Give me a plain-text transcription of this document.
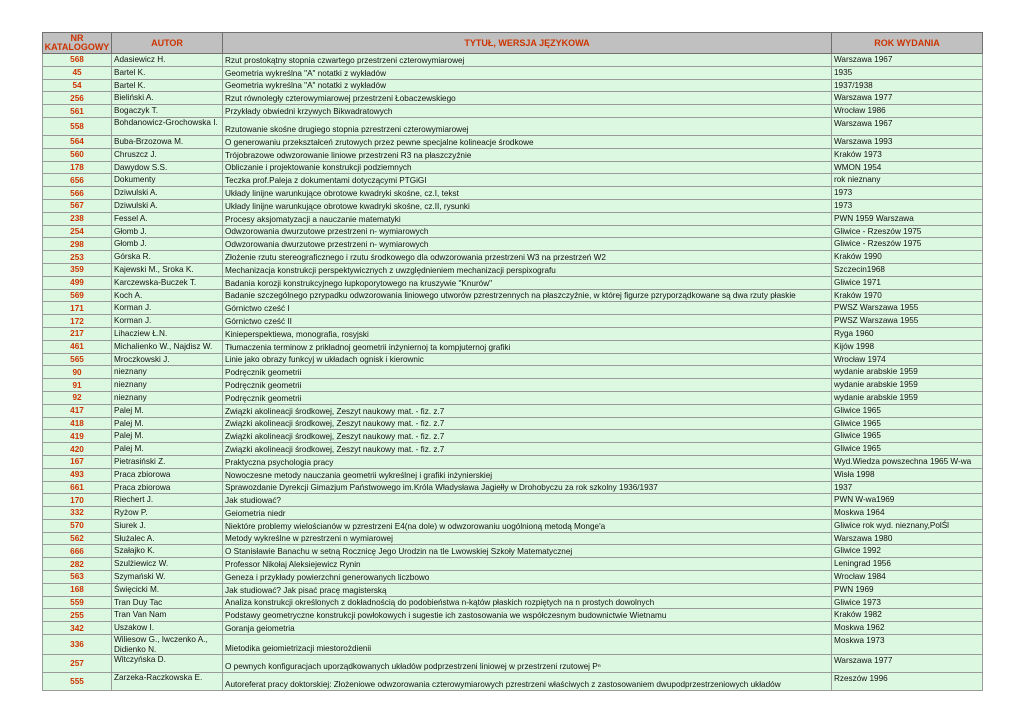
NR KATALOGOWY	AUTOR	TYTUŁ, WERSJA JĘZYKOWA	ROK WYDANIA
568	Adasiewicz H.	Rzut prostokątny stopnia czwartego przestrzeni czterowymiarowej	Warszawa 1967
45	Bartel K.	Geometria wykreślna "A" notatki z wykładów	1935
54	Bartel K.	Geometria wykreślna "A" notatki z wykładów	1937/1938
256	Bieliński A.	Rzut równoległy czterowymiarowej przestrzeni Łobaczewskiego	Warszawa 1977
561	Bogaczyk T.	Przykłady obwiedni krzywych Bikwadratowych	Wrocław 1986
558	Bohdanowicz-Grochowska I.	Rzutowanie skośne drugiego stopnia pzrestrzeni czterowymiarowej	Warszawa 1967
564	Buba-Brzozowa M.	O generowaniu przekształceń zrutowych przez pewne specjalne kolineacje środkowe	Warszawa 1993
560	Chruszcz J.	Trójobrazowe odwzorowanie liniowe przestrzeni R3 na płaszczyźnie	Kraków 1973
178	Dawydow S.S.	Obliczanie i projektowanie konstrukcji podziemnych	WMON 1954
656	Dokumenty	Teczka prof.Paleja z dokumentami dotyczącymi PTGiGI	rok nieznany
566	Dziwulski A.	Układy linijne warunkujące obrotowe kwadryki skośne, cz.I, tekst	1973
567	Dziwulski A.	Układy linijne warunkujące obrotowe kwadryki skośne, cz.II, rysunki	1973
238	Fessel A.	Procesy aksjomatyzacji a nauczanie matematyki	PWN 1959 Warszawa
254	Głomb J.	Odwzorowania dwurzutowe przestrzeni n- wymiarowych	Gliwice - Rzeszów 1975
298	Głomb J.	Odwzorowania dwurzutowe przestrzeni n- wymiarowych	Gliwice - Rzeszów 1975
253	Górska R.	Złożenie rzutu stereograficznego i rzutu środkowego dla odwzorowania przestrzeni W3 na przestrzeń W2	Kraków 1990
359	Kajewski M., Sroka K.	Mechanizacja konstrukcji perspektywicznych z uwzględnieniem mechanizacji perspixografu	Szczecin1968
499	Karczewska-Buczek T.	Badania korozji konstrukcyjnego łupkoporytowego na kruszywie "Knurów"	Gliwice 1971
569	Koch A.	Badanie szczególnego pzrypadku odwzorowania liniowego utworów pzrestrzennych na płaszczyźnie, w której figurze pzryporządkowane są dwa rzuty płaskie	Kraków 1970
171	Korman J.	Górnictwo cześć I	PWSZ Warszawa 1955
172	Korman J.	Górnictwo cześć II	PWSZ Warszawa 1955
217	Lihacziew Ł.N.	Kinieperspektiewa, monografia, rosyjski	Ryga 1960
461	Michalienko W., Najdisz W.	Tłumaczenia terminow z prikładnoj geometrii inżyniernoj ta kompjuternoj grafiki	Kijów 1998
565	Mroczkowski J.	Linie jako obrazy funkcyj w układach ognisk i kierownic	Wrocław 1974
90	nieznany	Podręcznik geometrii	wydanie arabskie 1959
91	nieznany	Podręcznik geometrii	wydanie arabskie 1959
92	nieznany	Podręcznik geometrii	wydanie arabskie 1959
417	Palej M.	Związki akolineacji środkowej, Zeszyt naukowy mat. - fiz. z.7	Gliwice 1965
418	Palej M.	Związki akolineacji środkowej, Zeszyt naukowy mat. - fiz. z.7	Gliwice 1965
419	Palej M.	Związki akolineacji środkowej, Zeszyt naukowy mat. - fiz. z.7	Gliwice 1965
420	Palej M.	Związki akolineacji środkowej, Zeszyt naukowy mat. - fiz. z.7	Gliwice 1965
167	Pietrasiński Z.	Praktyczna psychologia pracy	Wyd.Wiedza powszechna 1965 W-wa
493	Praca zbiorowa	Nowoczesne metody nauczania geometrii wykreślnej i grafiki inżynierskiej	Wisła 1998
661	Praca zbiorowa	Sprawozdanie Dyrekcji Gimazjum Państwowego im.Króla Władysława Jagiełły w Drohobyczu za rok szkolny 1936/1937	1937
170	Riechert J.	Jak studiować?	PWN W-wa1969
332	Ryżow P.	Geiometria niedr	Moskwa 1964
570	Siurek J.	Niektóre problemy wieloścіanów w pzrestrzeni E4(na dole) w odwzorowaniu uogólnioną metodą Monge'a	Gliwice rok wyd. nieznany,PolŚl
562	Służalec A.	Metody wykreślne w pzrestrzeni n wymiarowej	Warszawa 1980
666	Szałajko K.	O Stanisławie Banachu w setną Rocznicę Jego Urodzin na tle Lwowskiej Szkoły Matematycznej	Gliwice 1992
282	Szulżiewicz W.	Professor Nikołaj Aleksiejewicz Rynin	Leningrad 1956
563	Szymański W.	Geneza i przykłady powierzchni generowanych liczbowo	Wrocław 1984
168	Święcicki M.	Jak studiować? Jak pisać pracę magisterską	PWN 1969
559	Tran Duy Tac	Analiza konstrukcji określonych z dokładnością do podobieństwa n-kątów płaskich rozpiętych na n prostych dowolnych	Gliwice 1973
255	Tran Van Nam	Podstawy geometryczne konstrukcji powłokowych i sugestie ich zastosowania we współczesnym budownictwie Wietnamu	Kraków 1982
342	Uszakow I.	Goranja geiometria	Moskwa 1962
336	Wiliesow G., Iwczenko A., Didienko N.	Mietodika geiomietrizacji miestorożdienii	Moskwa 1973
257	Witczyńska D.	O pewnych konfiguracjach uporządkowanych układów podprzestrzeni liniowej w przestrzeni rzutowej Pⁿ	Warszawa 1977
555	Zarzeka-Raczkowska E.	Autoreferat pracy doktorskiej: Złożeniowe odwzorowania czterowymiarowych pzrestrzeni właściwych z zastosowaniem dwupodprzestrzeniowych układów	Rzeszów 1996
